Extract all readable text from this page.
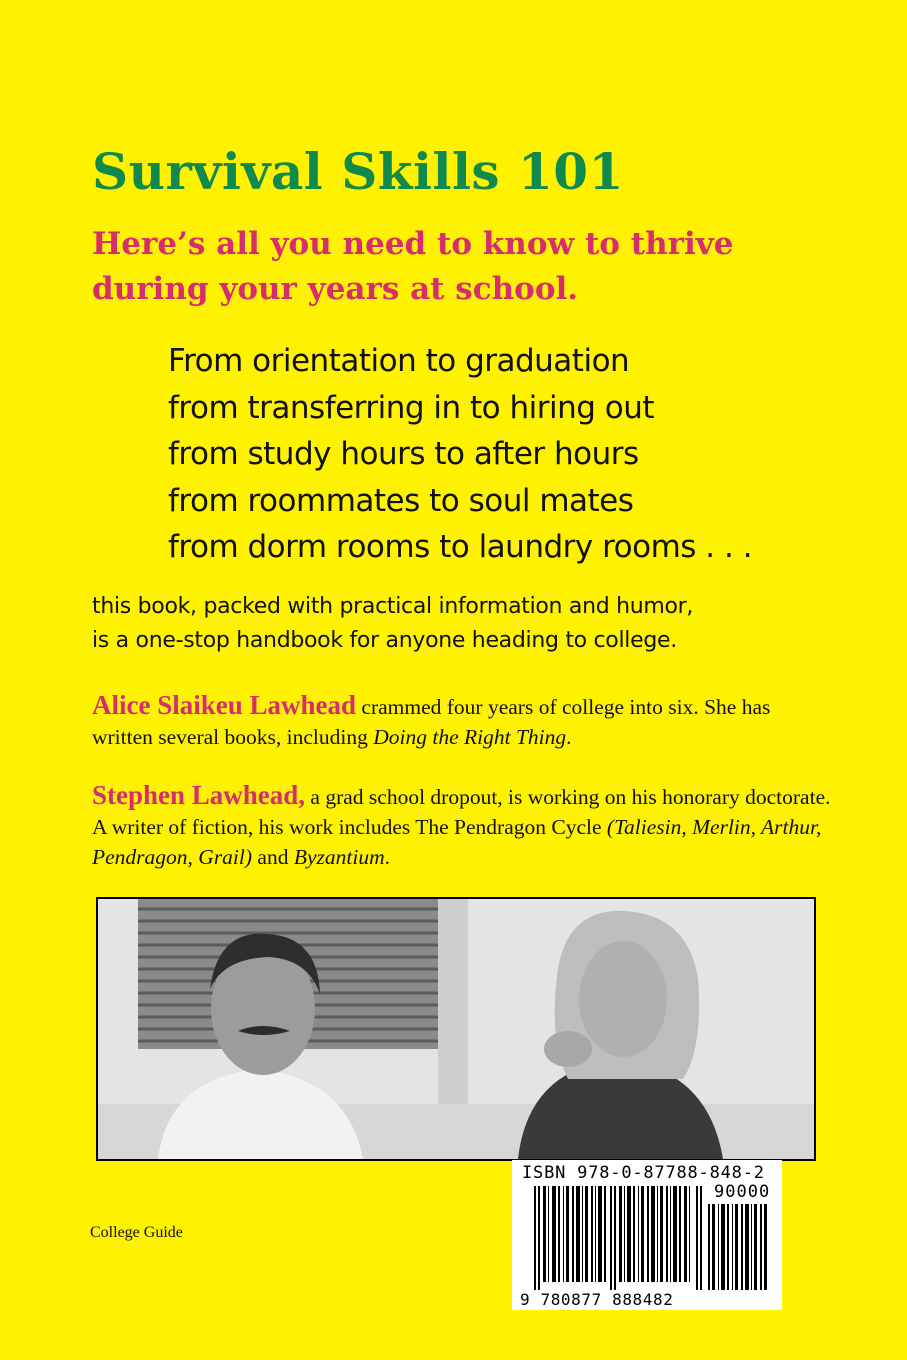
Survival Skills 101

Here’s all you need to know to thrive during your years at school.

From orientation to graduation
from transferring in to hiring out
from study hours to after hours
from roommates to soul mates
from dorm rooms to laundry rooms . . .
this book, packed with practical information and humor,
is a one-stop handbook for anyone heading to college.
Alice Slaikeu Lawhead crammed four years of college into six. She has written several books, including Doing the Right Thing.
Stephen Lawhead, a grad school dropout, is working on his honorary doctorate. A writer of fiction, his work includes The Pendragon Cycle (Taliesin, Merlin, Arthur, Pendragon, Grail) and Byzantium.
ISBN 978-0-87788-848-2
90000
9 780877 888482
College Guide
